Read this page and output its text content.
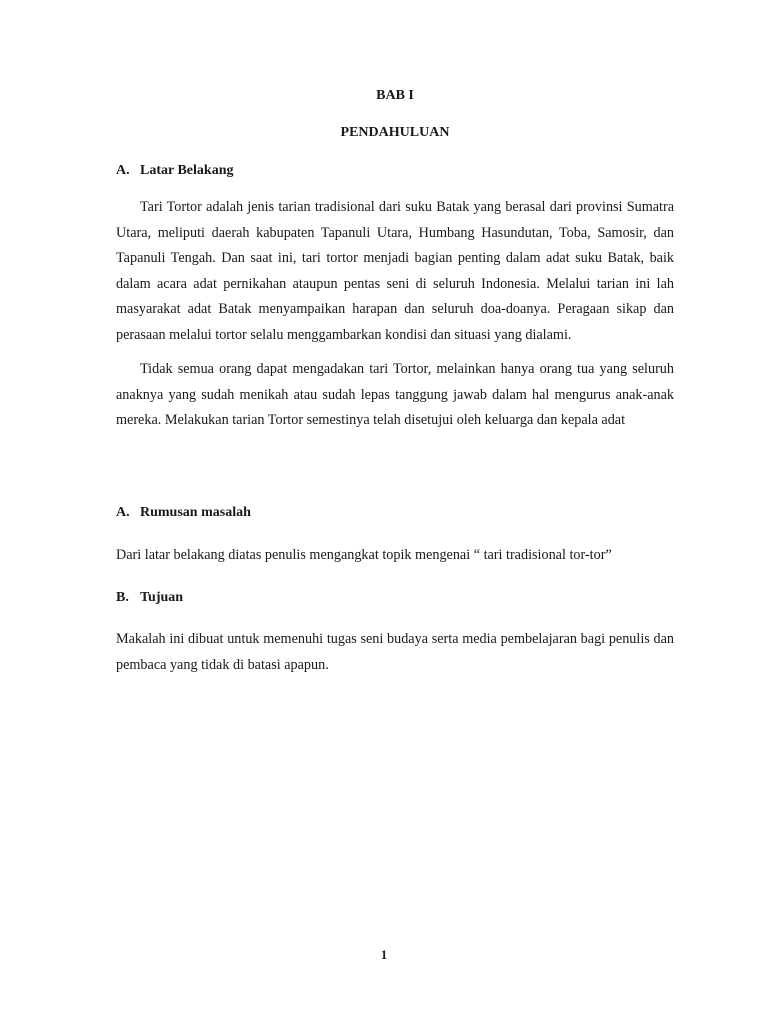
BAB I
PENDAHULUAN
A. Latar Belakang

Tari Tortor adalah jenis tarian tradisional dari suku Batak yang berasal dari provinsi Sumatra Utara, meliputi daerah kabupaten Tapanuli Utara, Humbang Hasundutan, Toba, Samosir, dan Tapanuli Tengah. Dan saat ini, tari tortor menjadi bagian penting dalam adat suku Batak, baik dalam acara adat pernikahan ataupun pentas seni di seluruh Indonesia. Melalui tarian ini lah masyarakat adat Batak menyampaikan harapan dan seluruh doa-doanya. Peragaan sikap dan perasaan melalui tortor selalu menggambarkan kondisi dan situasi yang dialami.

Tidak semua orang dapat mengadakan tari Tortor, melainkan hanya orang tua yang seluruh anaknya yang sudah menikah atau sudah lepas tanggung jawab dalam hal mengurus anak-anak mereka. Melakukan tarian Tortor semestinya telah disetujui oleh keluarga dan kepala adat

A. Rumusan masalah

Dari latar belakang diatas penulis mengangkat topik mengenai “ tari tradisional tor-tor”

B. Tujuan

Makalah ini dibuat untuk memenuhi tugas seni budaya serta media pembelajaran bagi penulis dan pembaca yang tidak di batasi apapun.

1
